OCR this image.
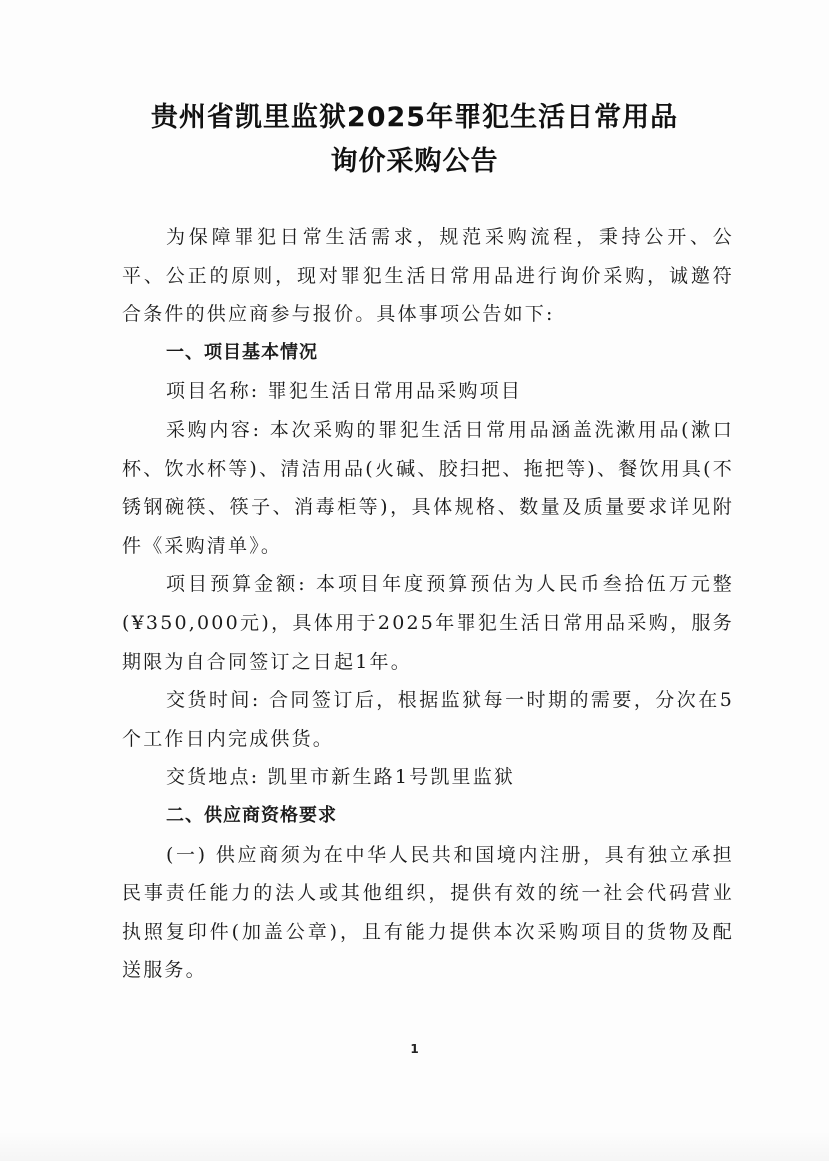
贵州省凯里监狱2025年罪犯生活日常用品
询价采购公告

为保障罪犯日常生活需求，规范采购流程，秉持公开、公平、公正的原则，现对罪犯生活日常用品进行询价采购，诚邀符合条件的供应商参与报价。具体事项公告如下:

一、项目基本情况

项目名称: 罪犯生活日常用品采购项目

采购内容: 本次采购的罪犯生活日常用品涵盖洗漱用品(漱口杯、饮水杯等)、清洁用品(火碱、胶扫把、拖把等)、餐饮用具(不锈钢碗筷、筷子、消毒柜等)，具体规格、数量及质量要求详见附件《采购清单》。

项目预算金额: 本项目年度预算预估为人民币叁拾伍万元整(¥350,000元)，具体用于2025年罪犯生活日常用品采购，服务期限为自合同签订之日起1年。

交货时间: 合同签订后，根据监狱每一时期的需要，分次在5个工作日内完成供货。

交货地点: 凯里市新生路1号凯里监狱

二、供应商资格要求

(一) 供应商须为在中华人民共和国境内注册，具有独立承担民事责任能力的法人或其他组织，提供有效的统一社会代码营业执照复印件(加盖公章)，且有能力提供本次采购项目的货物及配送服务。

1
